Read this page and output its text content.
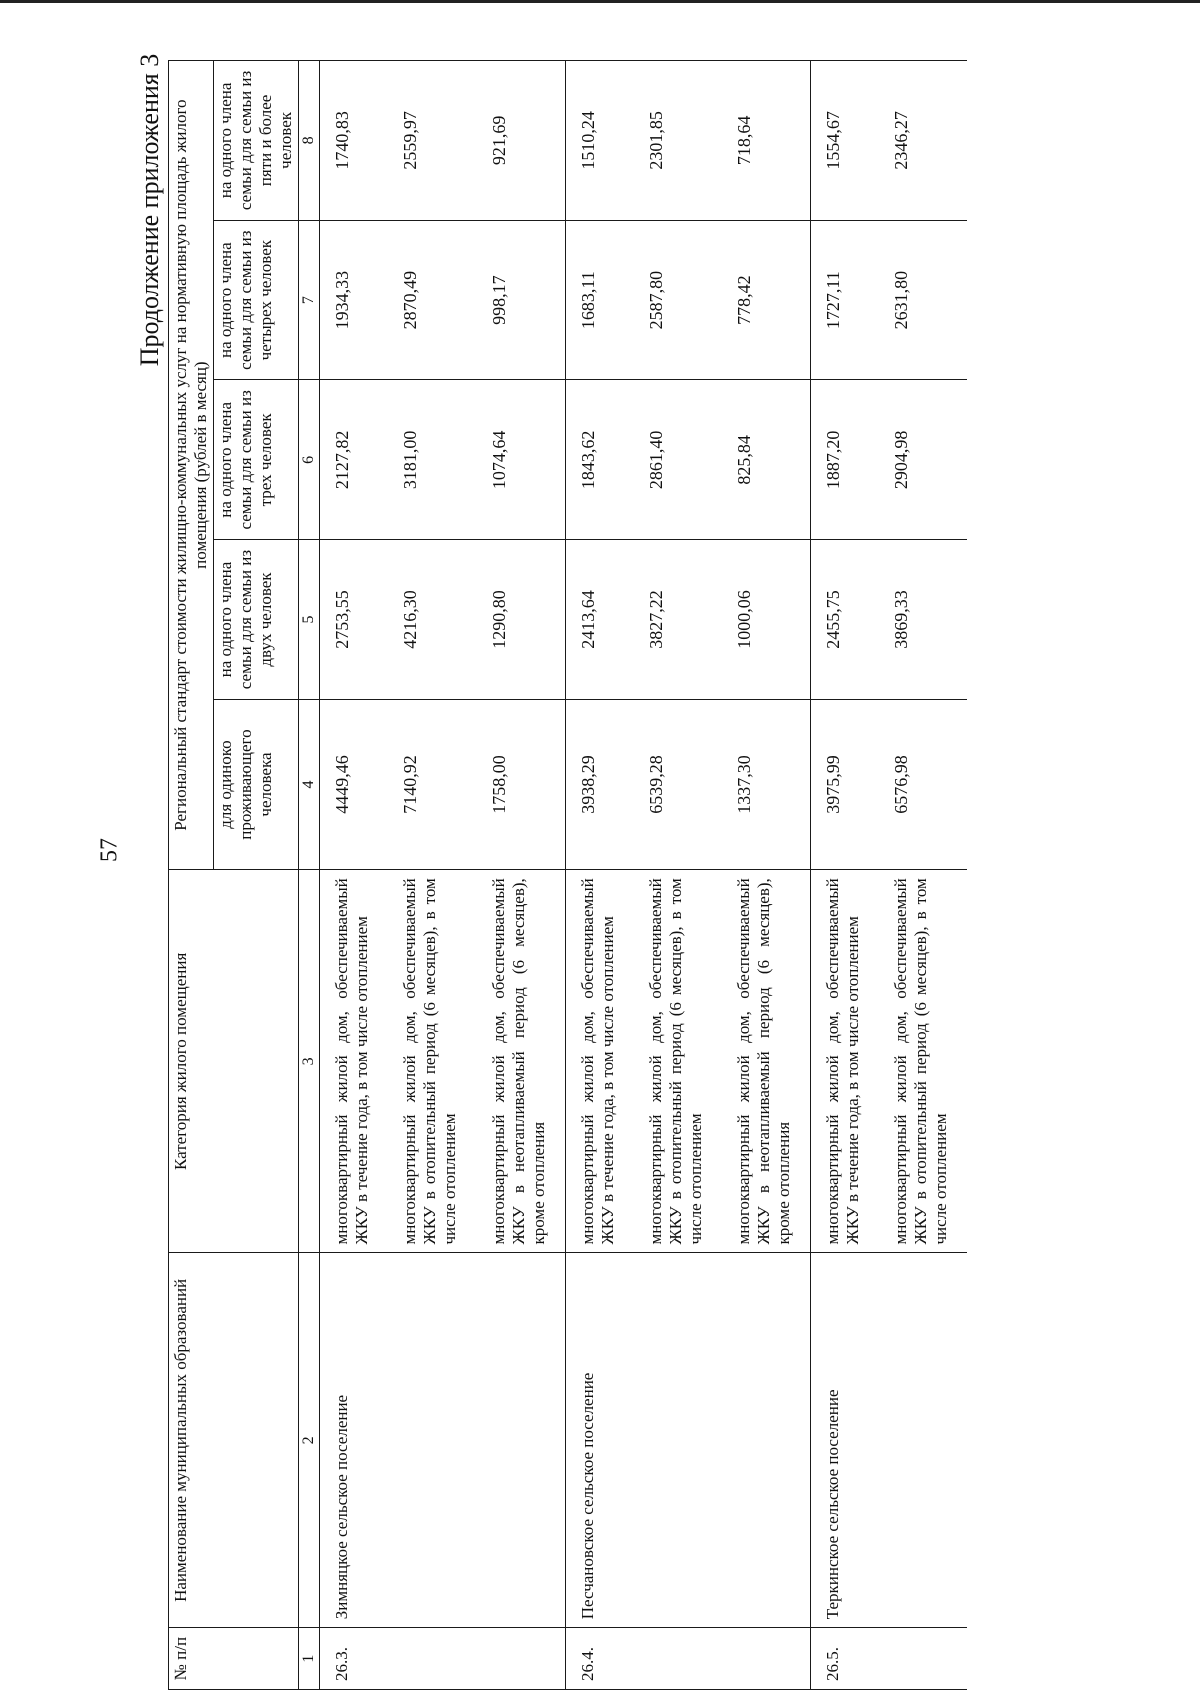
57
Продолжение приложения 3
№ п/п	Наименование муниципальных образований	Категория жилого помещения	Региональный стандарт стоимости жилищно-коммунальных услуг на нормативную площадь жилого помещения (рублей в месяц)				
			для одиноко проживающего человека	на одного члена семьи для семьи из двух человек	на одного члена семьи для семьи из трех человек	на одного члена семьи для семьи из четырех человек	на одного члена семьи для семьи из пяти и более человек
1	2	3	4	5	6	7	8
26.3.	Зимняцкое сельское поселение	многоквартирный жилой дом, обеспечиваемый ЖКУ в течение года, в том числе отоплением	4449,46	2753,55	2127,82	1934,33	1740,83
		многоквартирный жилой дом, обеспечиваемый ЖКУ в отопительный период (6 месяцев), в том числе отоплением	7140,92	4216,30	3181,00	2870,49	2559,97
		многоквартирный жилой дом, обеспечиваемый ЖКУ в неотапливаемый период (6 месяцев), кроме отопления	1758,00	1290,80	1074,64	998,17	921,69
26.4.	Песчановское сельское поселение	многоквартирный жилой дом, обеспечиваемый ЖКУ в течение года, в том числе отоплением	3938,29	2413,64	1843,62	1683,11	1510,24
		многоквартирный жилой дом, обеспечиваемый ЖКУ в отопительный период (6 месяцев), в том числе отоплением	6539,28	3827,22	2861,40	2587,80	2301,85
		многоквартирный жилой дом, обеспечиваемый ЖКУ в неотапливаемый период (6 месяцев), кроме отопления	1337,30	1000,06	825,84	778,42	718,64
26.5.	Теркинское сельское поселение	многоквартирный жилой дом, обеспечиваемый ЖКУ в течение года, в том числе отоплением	3975,99	2455,75	1887,20	1727,11	1554,67
		многоквартирный жилой дом, обеспечиваемый ЖКУ в отопительный период (6 месяцев), в том числе отоплением	6576,98	3869,33	2904,98	2631,80	2346,27
